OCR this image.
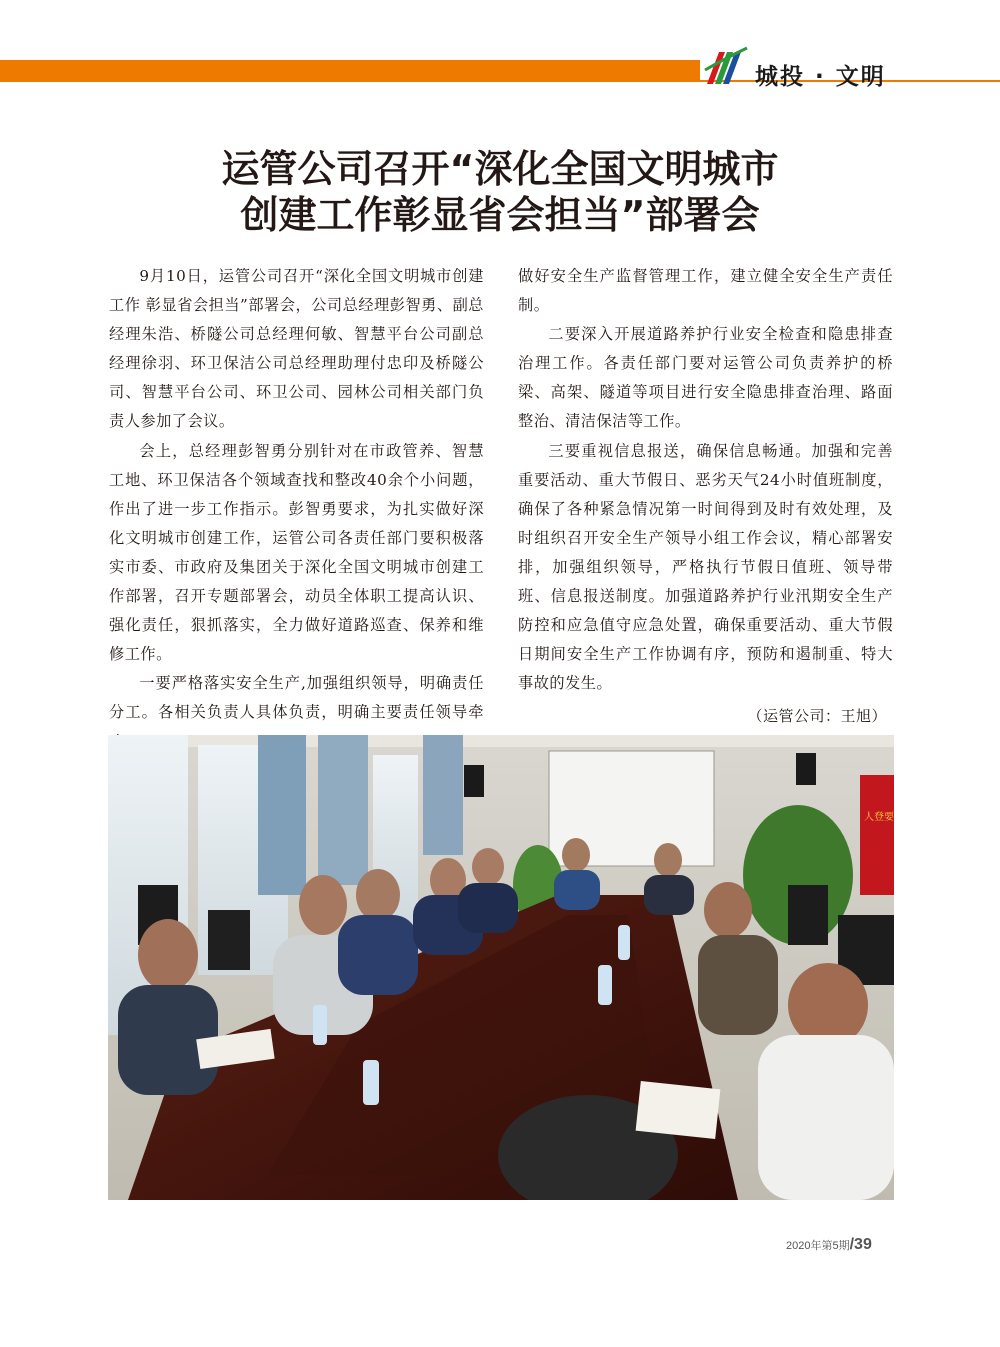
城投 · 文明
运管公司召开“深化全国文明城市
创建工作彰显省会担当”部署会

9月10日，运管公司召开“深化全国文明城市创建工作 彰显省会担当”部署会，公司总经理彭智勇、副总经理朱浩、桥隧公司总经理何敏、智慧平台公司副总经理徐羽、环卫保洁公司总经理助理付忠印及桥隧公司、智慧平台公司、环卫公司、园林公司相关部门负责人参加了会议。

会上，总经理彭智勇分别针对在市政管养、智慧工地、环卫保洁各个领域查找和整改40余个小问题，作出了进一步工作指示。彭智勇要求，为扎实做好深化文明城市创建工作，运管公司各责任部门要积极落实市委、市政府及集团关于深化全国文明城市创建工作部署，召开专题部署会，动员全体职工提高认识、强化责任，狠抓落实，全力做好道路巡查、保养和维修工作。

一要严格落实安全生产,加强组织领导，明确责任分工。各相关负责人具体负责，明确主要责任领导牵

做好安全生产监督管理工作，建立健全安全生产责任制。

二要深入开展道路养护行业安全检查和隐患排查治理工作。各责任部门要对运管公司负责养护的桥梁、高架、隧道等项目进行安全隐患排查治理、路面整治、清洁保洁等工作。

三要重视信息报送，确保信息畅通。加强和完善重要活动、重大节假日、恶劣天气24小时值班制度，确保了各种紧急情况第一时间得到及时有效处理，及时组织召开安全生产领导小组工作会议，精心部署安排，加强组织领导，严格执行节假日值班、领导带班、信息报送制度。加强道路养护行业汛期安全生产防控和应急值守应急处置，确保重要活动、重大节假日期间安全生产工作协调有序，预防和遏制重、特大事故的发生。

（运管公司：王旭）
人登要
2020年第5期/39
